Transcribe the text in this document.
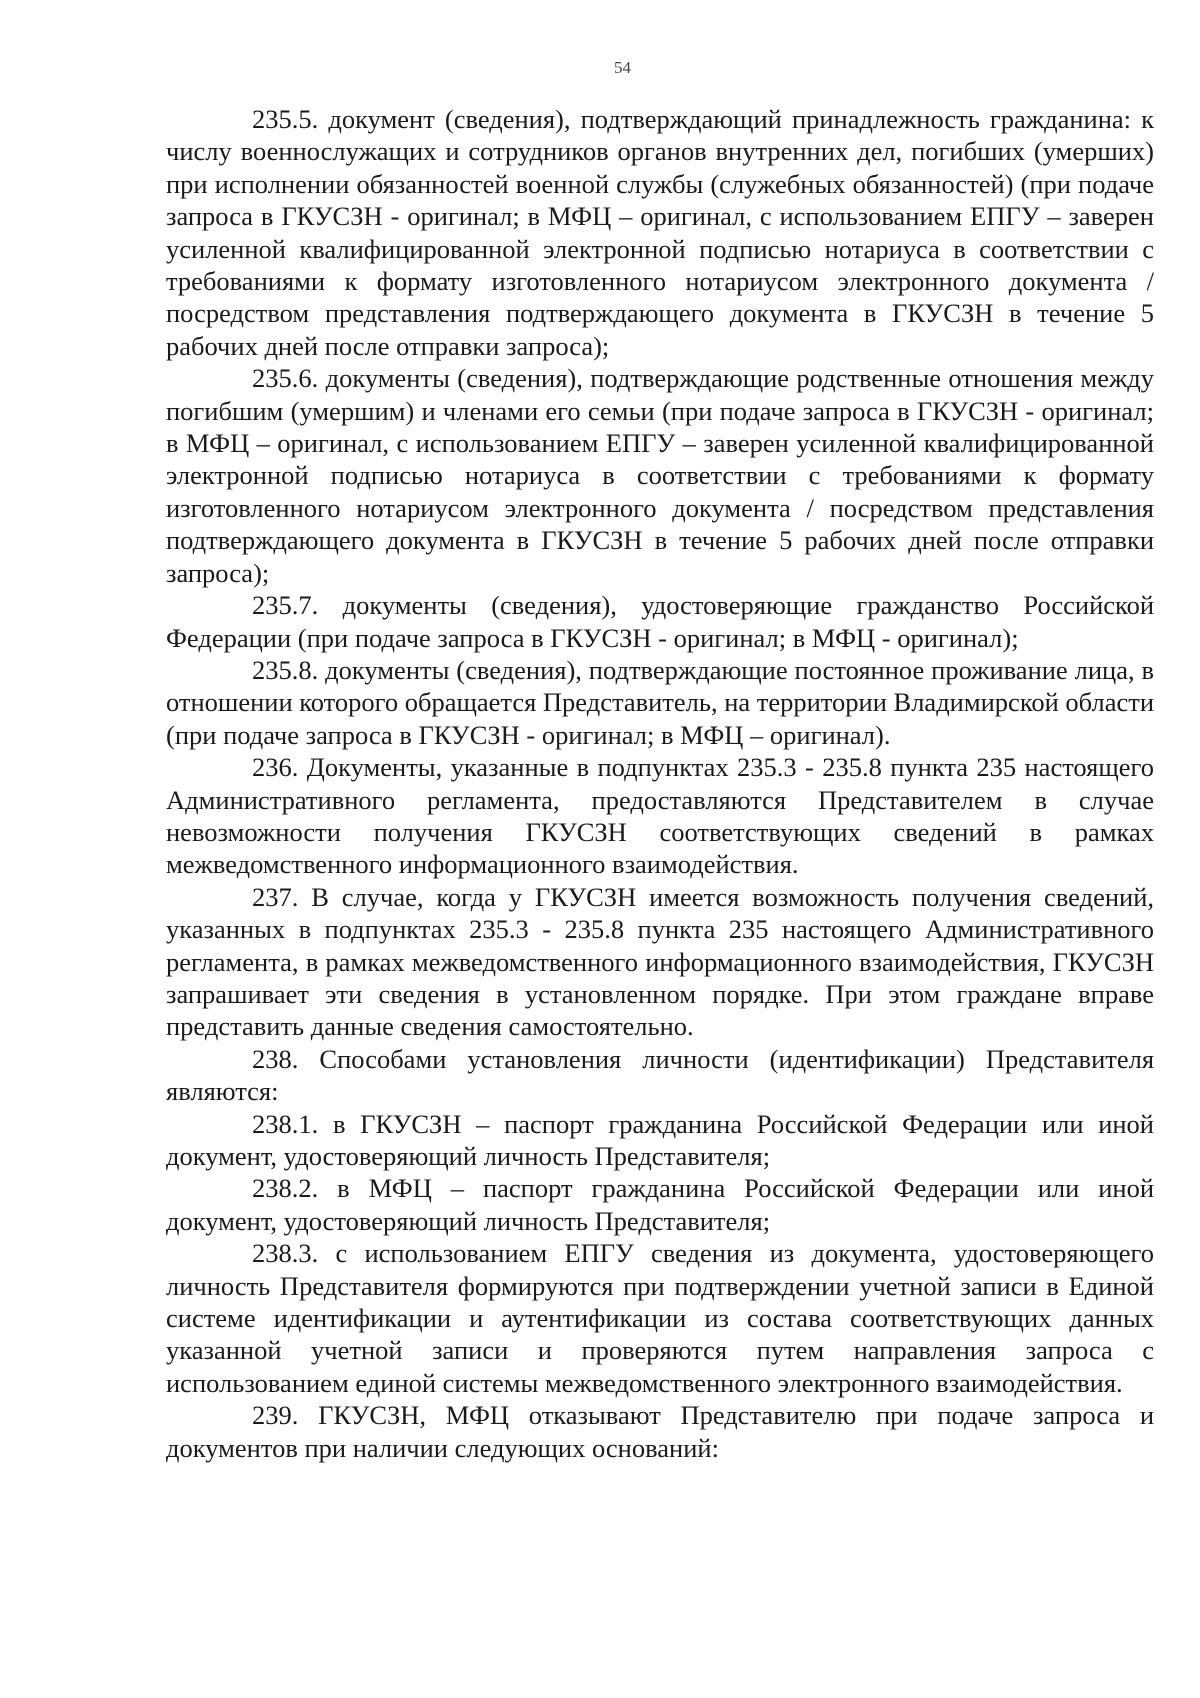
54

235.5. документ (сведения), подтверждающий принадлежность гражданина: к числу военнослужащих и сотрудников органов внутренних дел, погибших (умерших) при исполнении обязанностей военной службы (служебных обязанностей) (при подаче запроса в ГКУСЗН - оригинал; в МФЦ – оригинал, с использованием ЕПГУ – заверен усиленной квалифицированной электронной подписью нотариуса в соответствии с требованиями к формату изготовленного нотариусом электронного документа / посредством представления подтверждающего документа в ГКУСЗН в течение 5 рабочих дней после отправки запроса);

235.6. документы (сведения), подтверждающие родственные отношения между погибшим (умершим) и членами его семьи (при подаче запроса в ГКУСЗН - оригинал; в МФЦ – оригинал, с использованием ЕПГУ – заверен усиленной квалифицированной электронной подписью нотариуса в соответствии с требованиями к формату изготовленного нотариусом электронного документа / посредством представления подтверждающего документа в ГКУСЗН в течение 5 рабочих дней после отправки запроса);

235.7. документы (сведения), удостоверяющие гражданство Российской Федерации (при подаче запроса в ГКУСЗН - оригинал; в МФЦ - оригинал);

235.8. документы (сведения), подтверждающие постоянное проживание лица, в отношении которого обращается Представитель, на территории Владимирской области (при подаче запроса в ГКУСЗН - оригинал; в МФЦ – оригинал).

236. Документы, указанные в подпунктах 235.3 - 235.8 пункта 235 настоящего Административного регламента, предоставляются Представителем в случае невозможности получения ГКУСЗН соответствующих сведений в рамках межведомственного информационного взаимодействия.

237. В случае, когда у ГКУСЗН имеется возможность получения сведений, указанных в подпунктах 235.3 - 235.8 пункта 235 настоящего Административного регламента, в рамках межведомственного информационного взаимодействия, ГКУСЗН запрашивает эти сведения в установленном порядке. При этом граждане вправе представить данные сведения самостоятельно.

238. Способами установления личности (идентификации) Представителя являются:

238.1. в ГКУСЗН – паспорт гражданина Российской Федерации или иной документ, удостоверяющий личность Представителя;

238.2. в МФЦ – паспорт гражданина Российской Федерации или иной документ, удостоверяющий личность Представителя;

238.3. с использованием ЕПГУ сведения из документа, удостоверяющего личность Представителя формируются при подтверждении учетной записи в Единой системе идентификации и аутентификации из состава соответствующих данных указанной учетной записи и проверяются путем направления запроса с использованием единой системы межведомственного электронного взаимодействия.

239. ГКУСЗН, МФЦ отказывают Представителю при подаче запроса и документов при наличии следующих оснований:
